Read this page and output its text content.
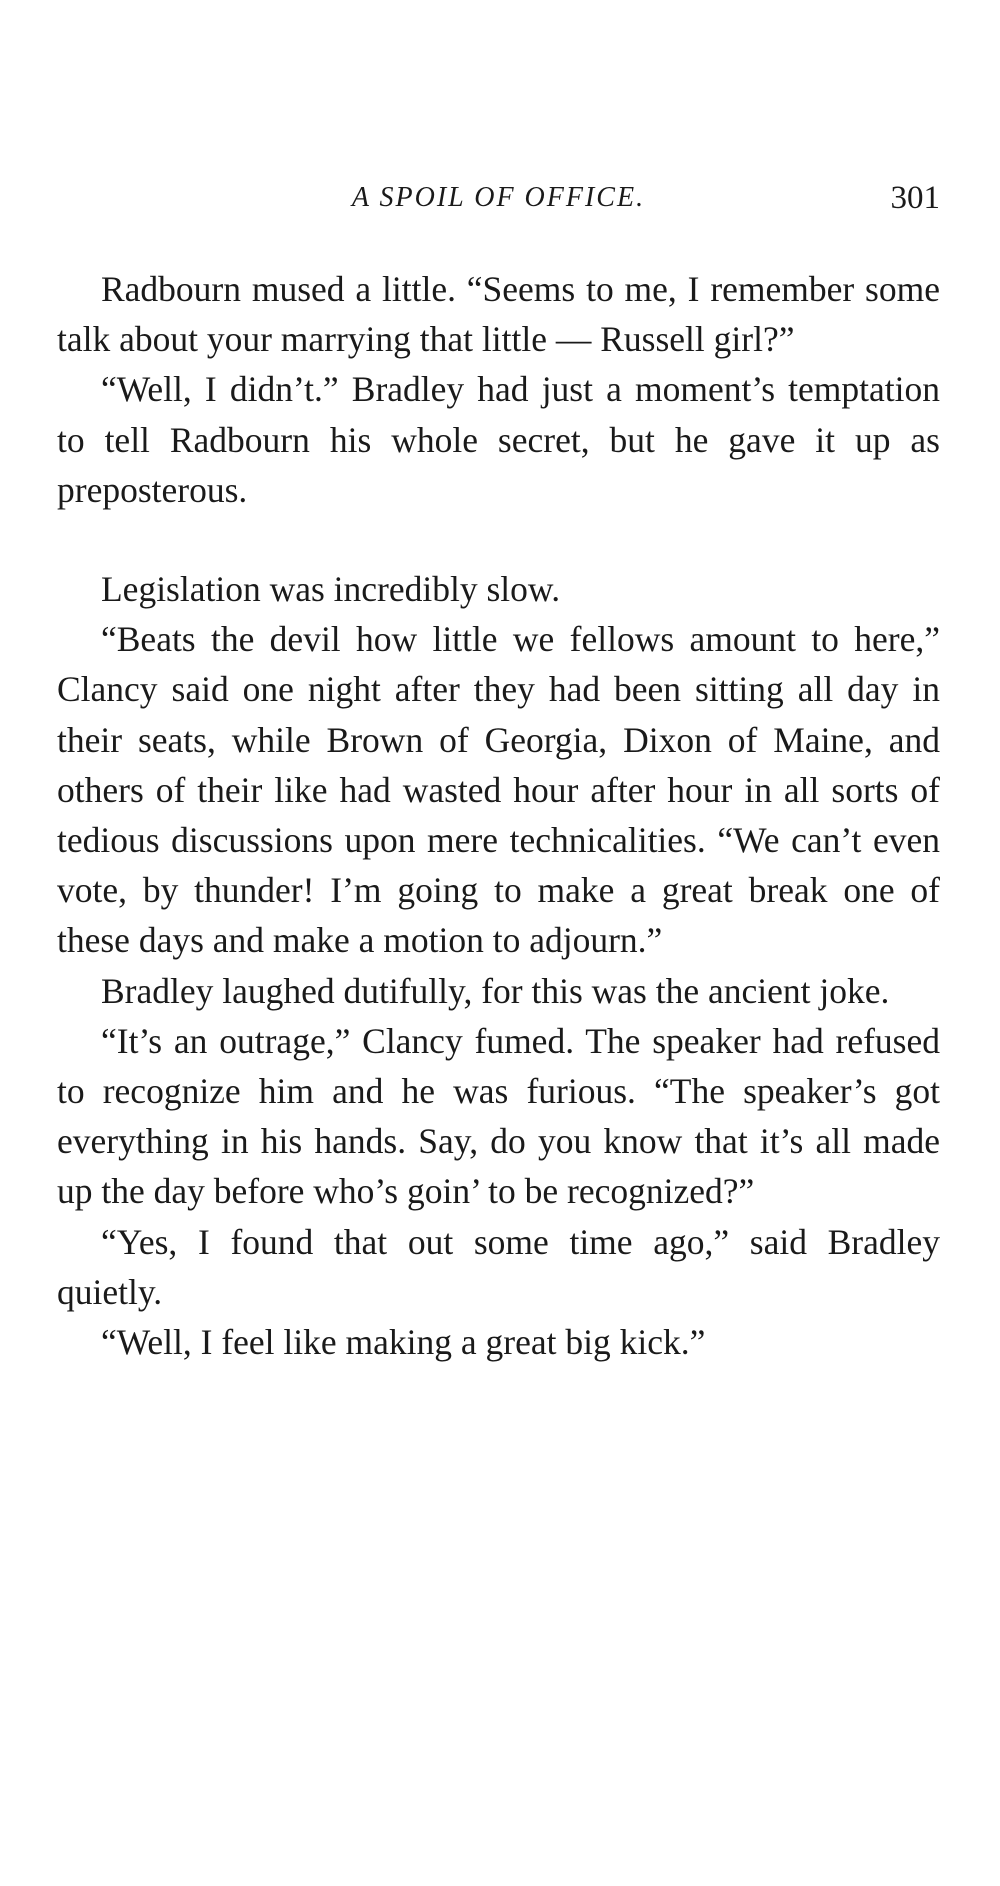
A SPOIL OF OFFICE.	301

Radbourn mused a little. “Seems to me, I remember some talk about your marrying that little — Russell girl?”

“Well, I didn’t.” Bradley had just a moment’s temptation to tell Radbourn his whole secret, but he gave it up as preposterous.

Legislation was incredibly slow.

“Beats the devil how little we fellows amount to here,” Clancy said one night after they had been sitting all day in their seats, while Brown of Georgia, Dixon of Maine, and others of their like had wasted hour after hour in all sorts of tedious discussions upon mere technicalities. “We can’t even vote, by thunder! I’m going to make a great break one of these days and make a motion to adjourn.”

Bradley laughed dutifully, for this was the ancient joke.

“It’s an outrage,” Clancy fumed. The speaker had refused to recognize him and he was furious. “The speaker’s got everything in his hands. Say, do you know that it’s all made up the day before who’s goin’ to be recognized?”

“Yes, I found that out some time ago,” said Bradley quietly.

“Well, I feel like making a great big kick.”
